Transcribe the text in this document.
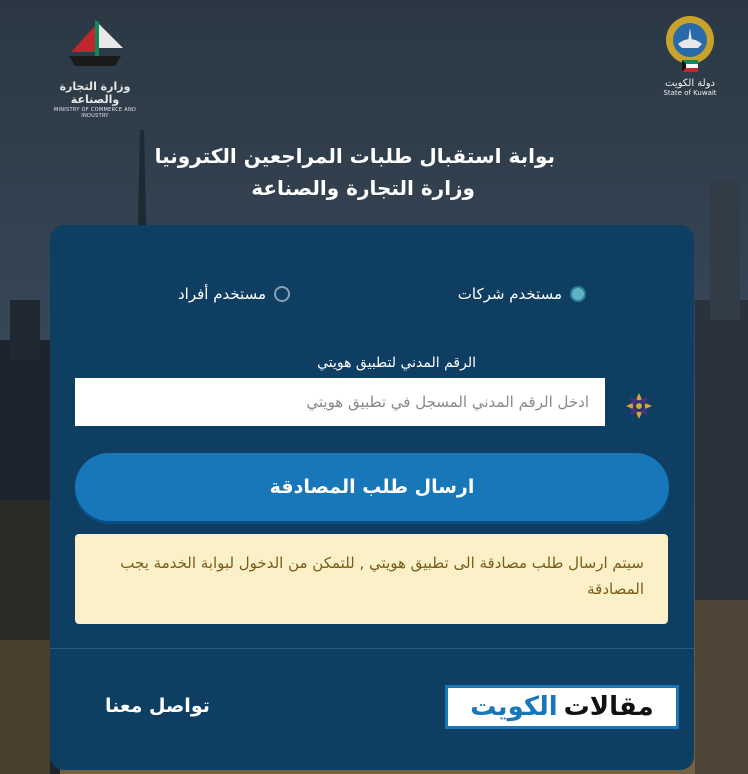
وزارة التجارة والصناعة
MINISTRY OF COMMERCE AND INDUSTRY
دولة الكويت
State of Kuwait
بوابة استقبال طلبات المراجعين الكترونيا
وزارة التجارة والصناعة
مستخدم شركات
مستخدم أفراد
الرقم المدني لتطبيق هويتي
ادخل الرقم المدني المسجل في تطبيق هويتي
ارسال طلب المصادقة
سيتم ارسال طلب مصادقة الى تطبيق هويتي , للتمكن من الدخول لبوابة الخدمة يجب المصادقة
مقالات
الكويت
تواصل معنا
